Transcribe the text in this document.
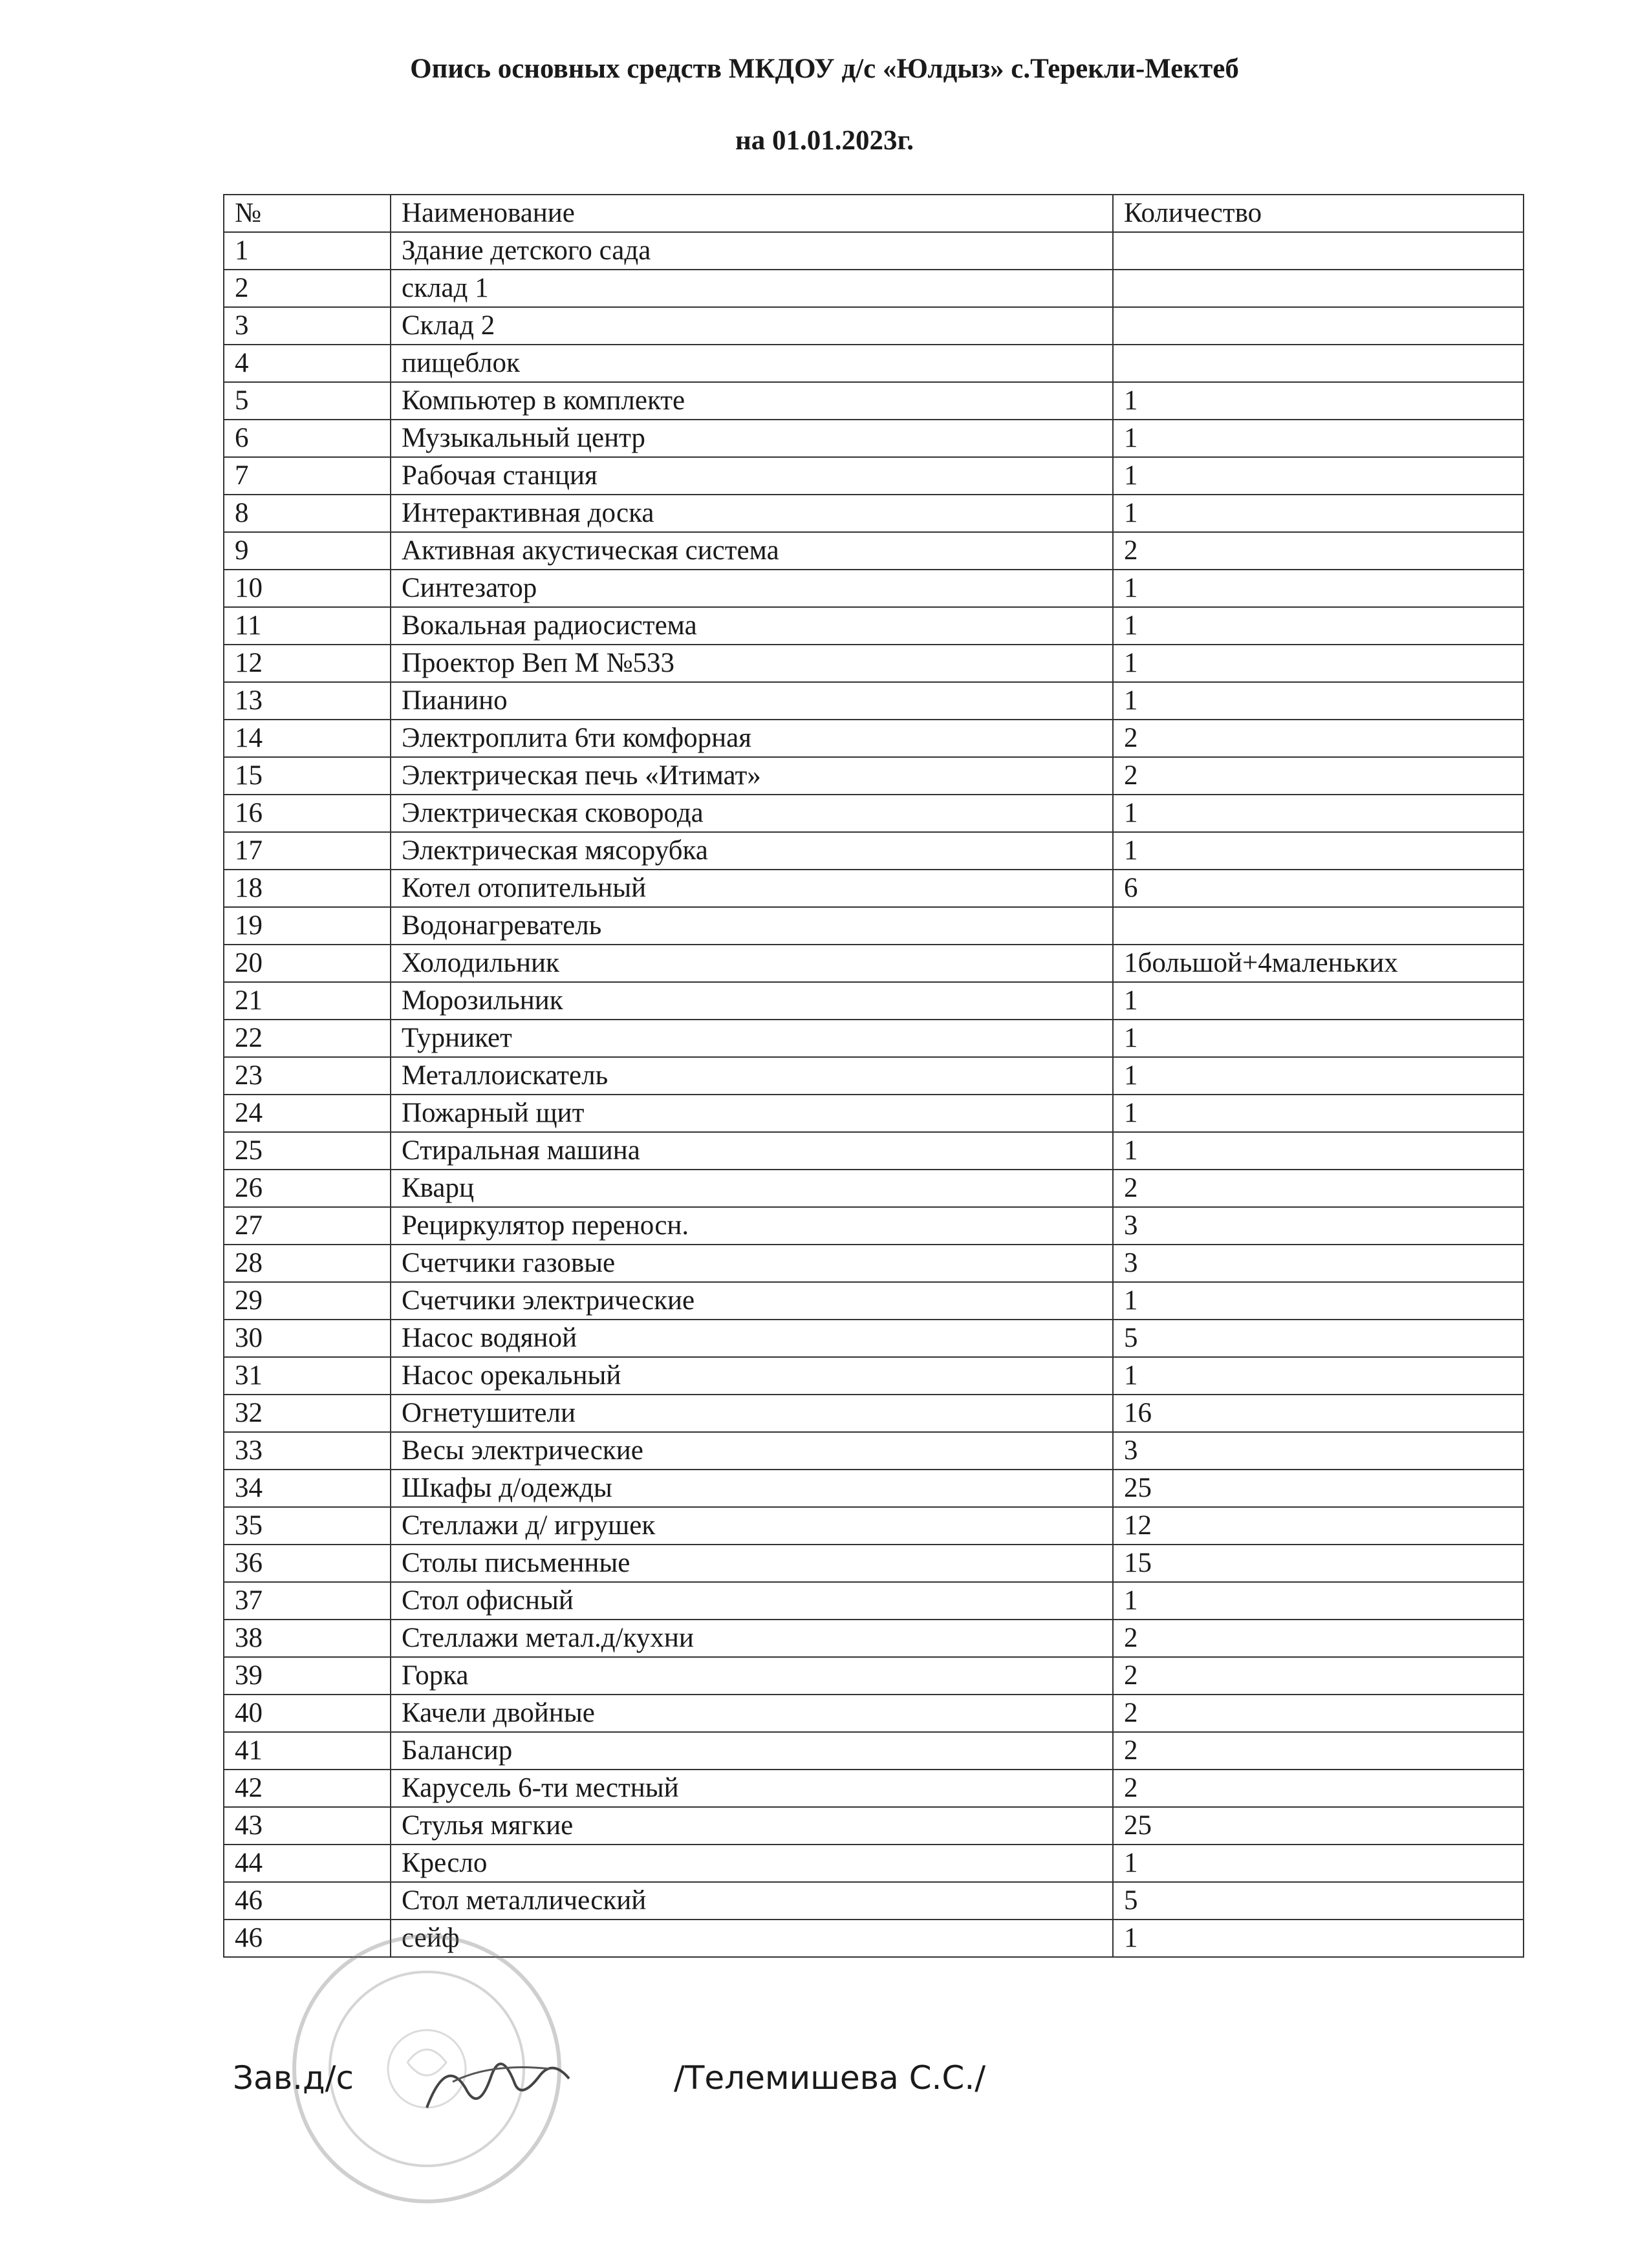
Опись основных средств МКДОУ д/с «Юлдыз» с.Терекли-Мектеб
на 01.01.2023г.
№	Наименование	Количество
1	Здание детского сада	
2	склад 1	
3	Склад 2	
4	пищеблок	
5	Компьютер в комплекте	1
6	Музыкальный центр	1
7	Рабочая станция	1
8	Интерактивная доска	1
9	Активная акустическая система	2
10	Синтезатор	1
11	Вокальная радиосистема	1
12	Проектор Веп М №533	1
13	Пианино	1
14	Электроплита 6ти комфорная	2
15	Электрическая печь «Итимат»	2
16	Электрическая сковорода	1
17	Электрическая мясорубка	1
18	Котел отопительный	6
19	Водонагреватель	
20	Холодильник	1большой+4маленьких
21	Морозильник	1
22	Турникет	1
23	Металлоискатель	1
24	Пожарный щит	1
25	Стиральная машина	1
26	Кварц	2
27	Рециркулятор переносн.	3
28	Счетчики газовые	3
29	Счетчики электрические	1
30	Насос водяной	5
31	Насос орекальный	1
32	Огнетушители	16
33	Весы электрические	3
34	Шкафы д/одежды	25
35	Стеллажи д/ игрушек	12
36	Столы письменные	15
37	Стол офисный	1
38	Стеллажи метал.д/кухни	2
39	Горка	2
40	Качели двойные	2
41	Балансир	2
42	Карусель 6-ти местный	2
43	Стулья мягкие	25
44	Кресло	1
46	Стол металлический	5
46	сейф	1
Зав.д/с	/Телемишева С.С./
